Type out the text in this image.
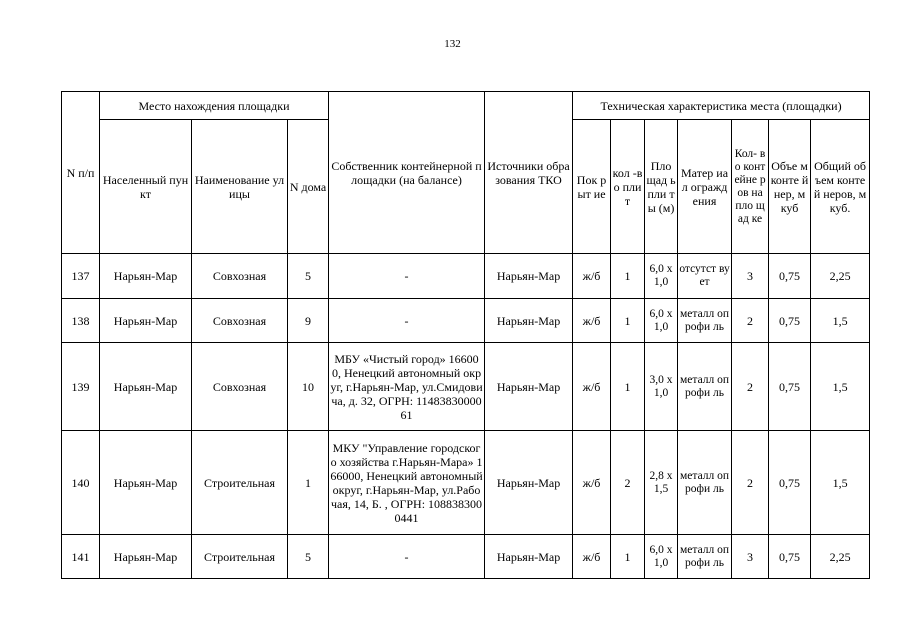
132
N п/п	Место нахождения площадки			Собственник контейнерной площадки (на балансе)	Источники образования ТКО	Техническая характеристика места (площадки)						
	Населенный пункт	Наименование улицы	N дома			Пок рыт ие	кол -во пли т	Пло щад ь пли ты (м)	Матер иал огражд ения	Кол- во конт ейне ров на пло щад ке	Объе м конте йнер, м куб	Общий объем контей неров, м куб.
137	Нарьян-Мар	Совхозная	5	-	Нарьян-Мар	ж/б	1	6,0 х 1,0	отсутст вует	3	0,75	2,25
138	Нарьян-Мар	Совхозная	9	-	Нарьян-Мар	ж/б	1	6,0 х 1,0	металл опрофи ль	2	0,75	1,5
139	Нарьян-Мар	Совхозная	10	МБУ «Чистый город» 166000, Ненецкий автономный округ, г.Нарьян-Мар, ул.Смидовича, д. 32, ОГРН: 1148383000061	Нарьян-Мар	ж/б	1	3,0 х 1,0	металл опрофи ль	2	0,75	1,5
140	Нарьян-Мар	Строительная	1	МКУ "Управление городского хозяйства г.Нарьян-Мара» 166000, Ненецкий автономный округ, г.Нарьян-Мар, ул.Рабочая, 14, Б. , ОГРН: 1088383000441	Нарьян-Мар	ж/б	2	2,8 х 1,5	металл опрофи ль	2	0,75	1,5
141	Нарьян-Мар	Строительная	5	-	Нарьян-Мар	ж/б	1	6,0 х 1,0	металл опрофи ль	3	0,75	2,25
